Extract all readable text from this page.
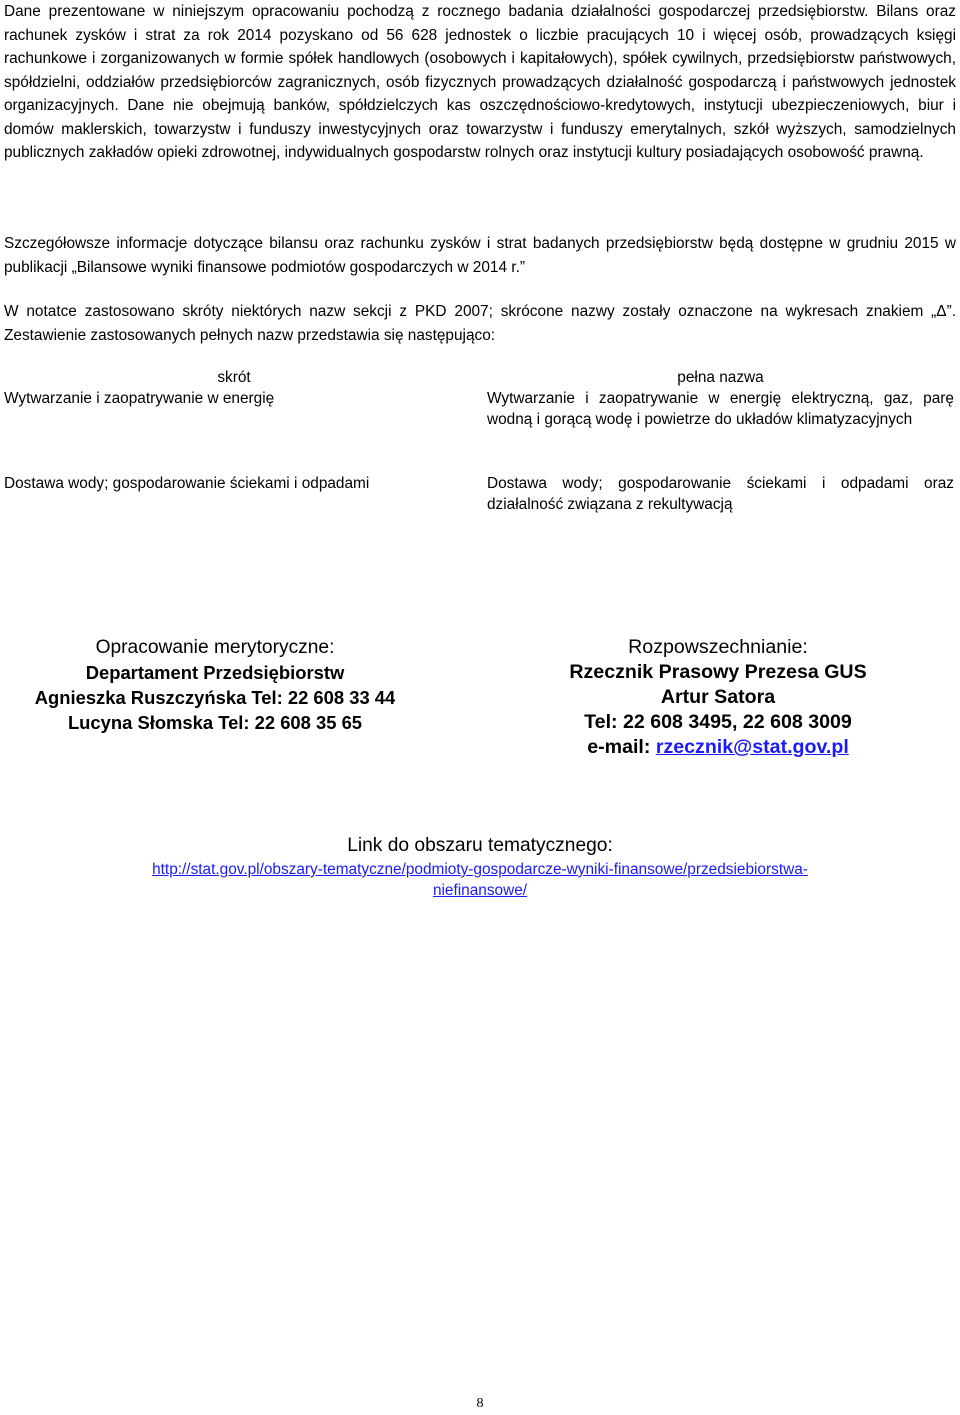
Dane prezentowane w niniejszym opracowaniu pochodzą z rocznego badania działalności gospodarczej przedsiębiorstw. Bilans oraz rachunek zysków i strat za rok 2014 pozyskano od 56 628 jednostek o liczbie pracujących 10 i więcej osób, prowadzących księgi rachunkowe i zorganizowanych w formie spółek handlowych (osobowych i kapitałowych), spółek cywilnych, przedsiębiorstw państwowych, spółdzielni, oddziałów przedsiębiorców zagranicznych, osób fizycznych prowadzących działalność gospodarczą i państwowych jednostek organizacyjnych. Dane nie obejmują banków, spółdzielczych kas oszczędnościowo-kredytowych, instytucji ubezpieczeniowych, biur i domów maklerskich, towarzystw i funduszy inwestycyjnych oraz towarzystw i funduszy emerytalnych, szkół wyższych, samodzielnych publicznych zakładów opieki zdrowotnej, indywidualnych gospodarstw rolnych oraz instytucji kultury posiadających osobowość prawną.

Szczegółowsze informacje dotyczące bilansu oraz rachunku zysków i strat badanych przedsiębiorstw będą dostępne w grudniu 2015 w publikacji „Bilansowe wyniki finansowe podmiotów gospodarczych w 2014 r.”

W notatce zastosowano skróty niektórych nazw sekcji z PKD 2007; skrócone nazwy zostały oznaczone na wykresach znakiem „Δ”. Zestawienie zastosowanych pełnych nazw przedstawia się następująco:

skrót	pełna nazwa
Wytwarzanie i zaopatrywanie w energię	Wytwarzanie i zaopatrywanie w energię elektryczną, gaz, parę wodną i gorącą wodę i powietrze do układów klimatyzacyjnych
Dostawa wody; gospodarowanie ściekami i odpadami	Dostawa wody; gospodarowanie ściekami i odpadami oraz działalność związana z rekultywacją
Opracowanie merytoryczne:
Departament Przedsiębiorstw
Agnieszka Ruszczyńska Tel: 22 608 33 44
Lucyna Słomska Tel: 22 608 35 65
Rozpowszechnianie:
Rzecznik Prasowy Prezesa GUS
Artur Satora
Tel: 22 608 3495, 22 608 3009
e-mail: rzecznik@stat.gov.pl
Link do obszaru tematycznego:
http://stat.gov.pl/obszary-tematyczne/podmioty-gospodarcze-wyniki-finansowe/przedsiebiorstwa-
niefinansowe/
8
